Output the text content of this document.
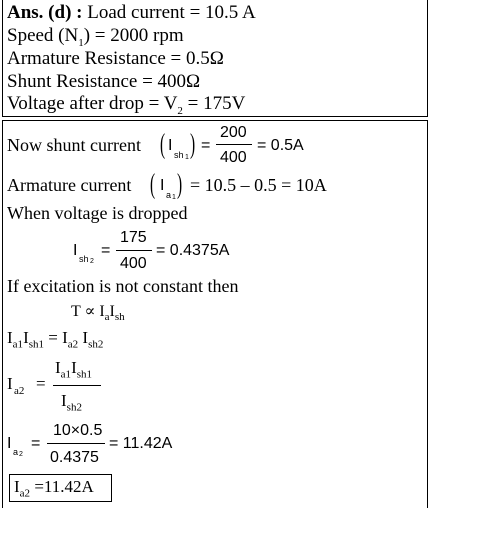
Ans. (d) : Load current = 10.5 A
Speed $(N_1) = 2000$ rpm
Armature Resistance = 0.5Ω
Shunt Resistance = 400Ω
Voltage after drop = $V_2 = 175V$
Now shunt current ( I
sh 1 ) =
200
400
= 0.5A
Armature current ( I
a 1 ) = 10.5 – 0.5 = 10A
When voltage is dropped
I sh 2
=
175
400
= 0.4375A
If excitation is not constant then
$T \propto I_aI_{sh}$
$I_{a1}I_{sh1} = I_{a2}$ $I_{sh2}$
I a2 =
$I_{a1}I_{sh1}$
$I_{sh2}$
I a 2
=
10×0.5
0.4375
= 11.42A
$I_{a2} =11.42A$
